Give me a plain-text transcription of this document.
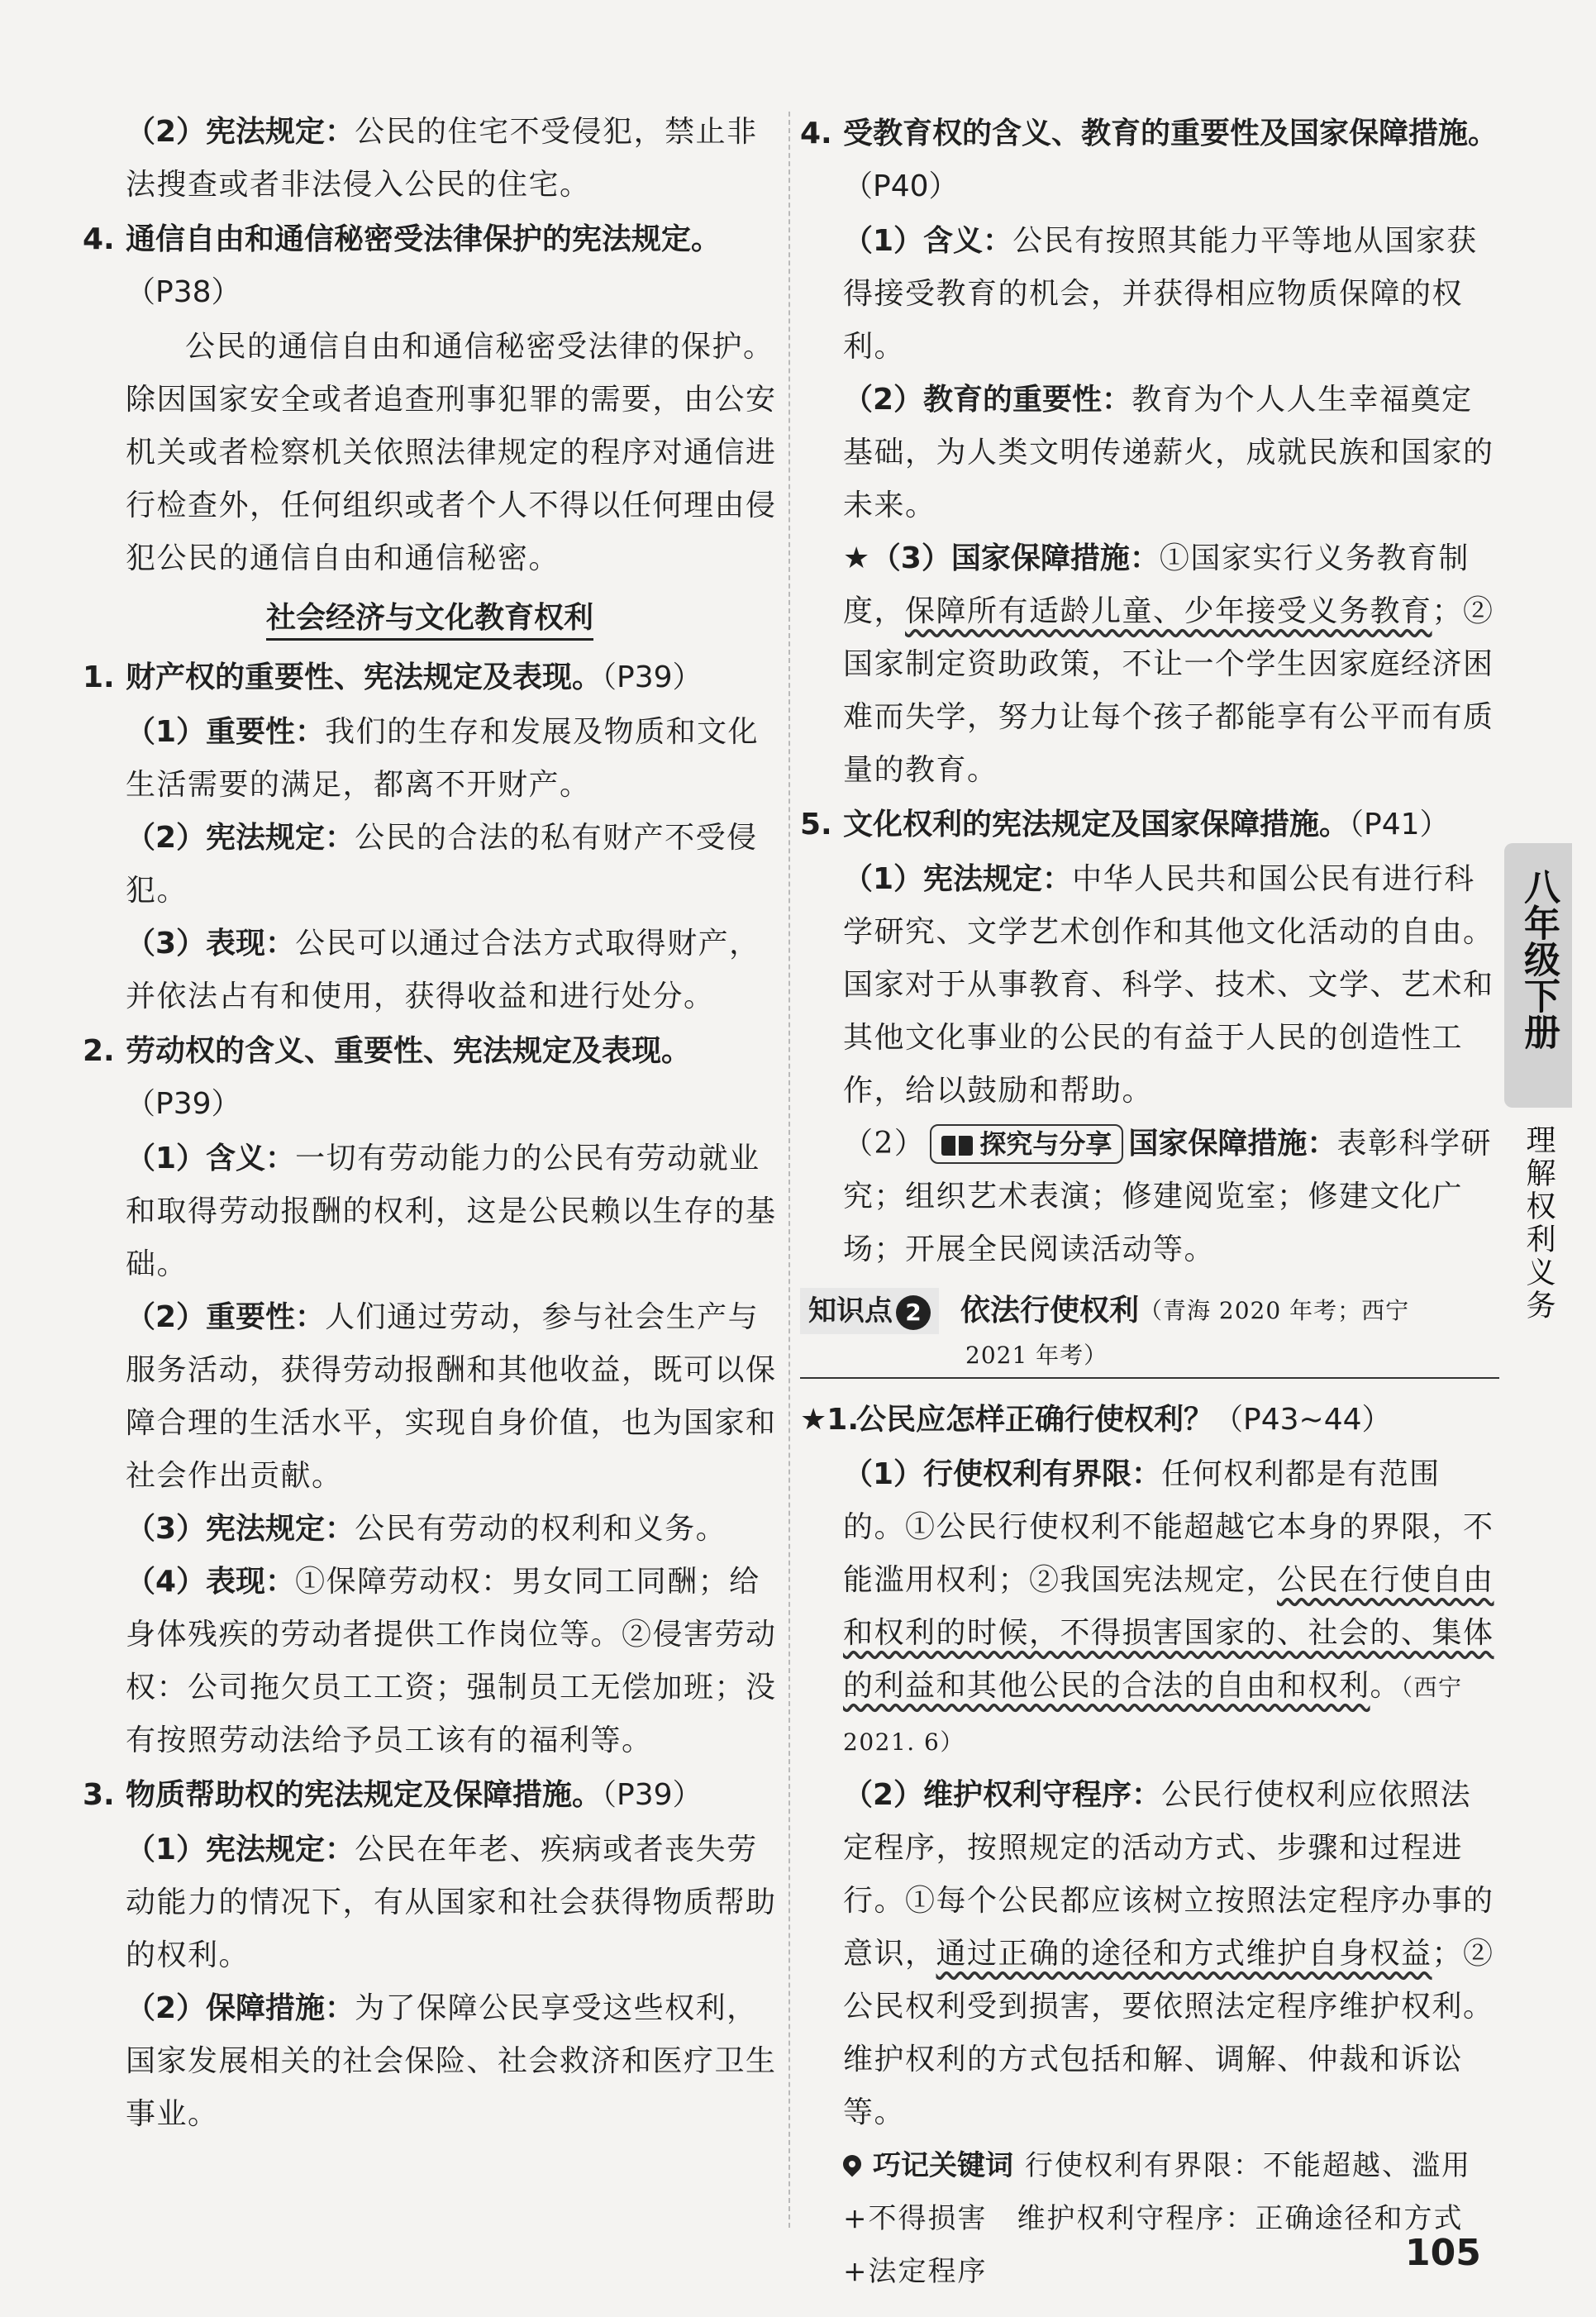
（2）宪法规定：公民的住宅不受侵犯，禁止非法搜查或者非法侵入公民的住宅。

4. 通信自由和通信秘密受法律保护的宪法规定。（P38）

公民的通信自由和通信秘密受法律的保护。除因国家安全或者追查刑事犯罪的需要，由公安机关或者检察机关依照法律规定的程序对通信进行检查外，任何组织或者个人不得以任何理由侵犯公民的通信自由和通信秘密。

社会经济与文化教育权利
1. 财产权的重要性、宪法规定及表现。（P39）

（1）重要性：我们的生存和发展及物质和文化生活需要的满足，都离不开财产。

（2）宪法规定：公民的合法的私有财产不受侵犯。

（3）表现：公民可以通过合法方式取得财产，并依法占有和使用，获得收益和进行处分。

2. 劳动权的含义、重要性、宪法规定及表现。（P39）

（1）含义：一切有劳动能力的公民有劳动就业和取得劳动报酬的权利，这是公民赖以生存的基础。

（2）重要性：人们通过劳动，参与社会生产与服务活动，获得劳动报酬和其他收益，既可以保障合理的生活水平，实现自身价值，也为国家和社会作出贡献。

（3）宪法规定：公民有劳动的权利和义务。

（4）表现：①保障劳动权：男女同工同酬；给身体残疾的劳动者提供工作岗位等。②侵害劳动权：公司拖欠员工工资；强制员工无偿加班；没有按照劳动法给予员工该有的福利等。

3. 物质帮助权的宪法规定及保障措施。（P39）

（1）宪法规定：公民在年老、疾病或者丧失劳动能力的情况下，有从国家和社会获得物质帮助的权利。

（2）保障措施：为了保障公民享受这些权利，国家发展相关的社会保险、社会救济和医疗卫生事业。

4. 受教育权的含义、教育的重要性及国家保障措施。（P40）

（1）含义：公民有按照其能力平等地从国家获得接受教育的机会，并获得相应物质保障的权利。

（2）教育的重要性：教育为个人人生幸福奠定基础，为人类文明传递薪火，成就民族和国家的未来。

★（3）国家保障措施：①国家实行义务教育制度，保障所有适龄儿童、少年接受义务教育；②国家制定资助政策，不让一个学生因家庭经济困难而失学，努力让每个孩子都能享有公平而有质量的教育。

5. 文化权利的宪法规定及国家保障措施。（P41）

（1）宪法规定：中华人民共和国公民有进行科学研究、文学艺术创作和其他文化活动的自由。国家对于从事教育、科学、技术、文学、艺术和其他文化事业的公民的有益于人民的创造性工作，给以鼓励和帮助。

（2） 探究与分享 国家保障措施：表彰科学研究；组织艺术表演；修建阅览室；修建文化广场；开展全民阅读活动等。

知识点 2	依法行使权利 （青海 2020 年考；西宁
2021 年考）
★1.公民应怎样正确行使权利？（P43~44）

（1）行使权利有界限：任何权利都是有范围的。①公民行使权利不能超越它本身的界限，不能滥用权利；②我国宪法规定，公民在行使自由和权利的时候，不得损害国家的、社会的、集体的利益和其他公民的合法的自由和权利。（西宁 2021. 6）

（2）维护权利守程序：公民行使权利应依照法定程序，按照规定的活动方式、步骤和过程进行。①每个公民都应该树立按照法定程序办事的意识，通过正确的途径和方式维护自身权益；②公民权利受到损害，要依照法定程序维护权利。维护权利的方式包括和解、调解、仲裁和诉讼等。

巧记关键词 行使权利有界限：不能超越、滥用+不得损害　维护权利守程序：正确途径和方式+法定程序
八年级下册
理解权利义务
105
